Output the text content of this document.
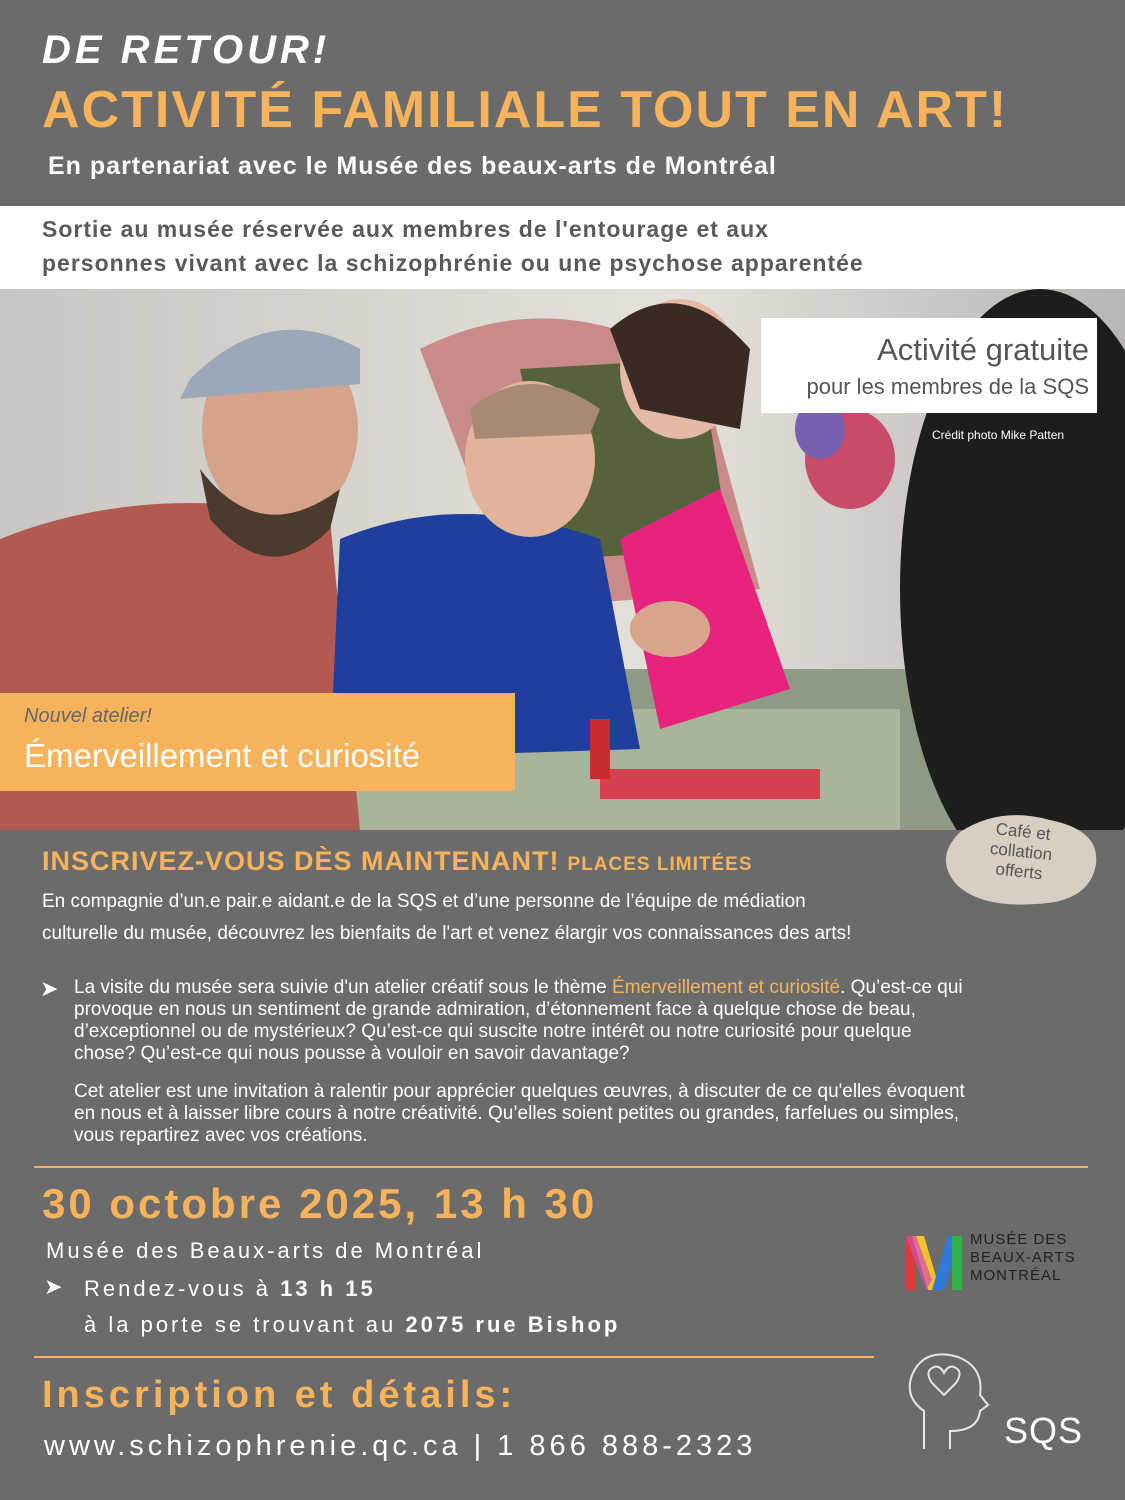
DE RETOUR!
ACTIVITÉ FAMILIALE TOUT EN ART!
En partenariat avec le Musée des beaux-arts de Montréal
Sortie au musée réservée aux membres de l'entourage et aux
personnes vivant avec la schizophrénie ou une psychose apparentée
Activité gratuite
pour les membres de la SQS
Crédit photo Mike Patten
Nouvel atelier!
Émerveillement et curiosité
Café et
collation
offerts
INSCRIVEZ-VOUS DÈS MAINTENANT! PLACES LIMITÉES
En compagnie d’un.e pair.e aidant.e de la SQS et d’une personne de l’équipe de médiation
culturelle du musée, découvrez les bienfaits de l'art et venez élargir vos connaissances des arts!
➤ La visite du musée sera suivie d'un atelier créatif sous le thème Émerveillement et curiosité. Qu’est-ce qui
provoque en nous un sentiment de grande admiration, d’étonnement face à quelque chose de beau,
d’exceptionnel ou de mystérieux? Qu’est-ce qui suscite notre intérêt ou notre curiosité pour quelque
chose? Qu’est-ce qui nous pousse à vouloir en savoir davantage?
Cet atelier est une invitation à ralentir pour apprécier quelques œuvres, à discuter de ce qu'elles évoquent
en nous et à laisser libre cours à notre créativité. Qu’elles soient petites ou grandes, farfelues ou simples,
vous repartirez avec vos créations.
30 octobre 2025, 13 h 30
Musée des Beaux-arts de Montréal
➤ Rendez-vous à 13 h 15
à la porte se trouvant au 2075 rue Bishop
MUSÉE DES
BEAUX-ARTS
MONTRÉAL
Inscription et détails:
www.schizophrenie.qc.ca | 1 866 888-2323	SQS
